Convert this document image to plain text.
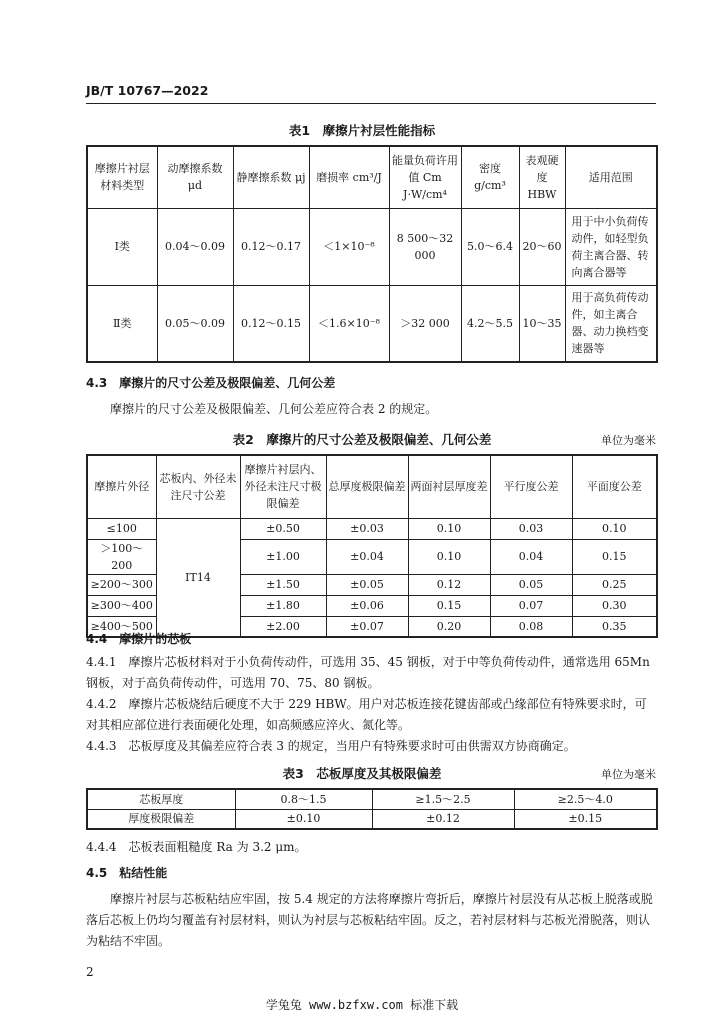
JB/T 10767—2022
表1　摩擦片衬层性能指标
摩擦片衬层材料类型	动摩擦系数 μd	静摩擦系数 μj	磨损率 cm³/J	能量负荷许用值 Cm J·W/cm⁴	密度 g/cm³	表观硬度 HBW	适用范围
Ⅰ类	0.04～0.09	0.12～0.17	＜1×10⁻⁸	8 500～32 000	5.0～6.4	20～60	用于中小负荷传动件，如轻型负荷主离合器、转向离合器等
Ⅱ类	0.05～0.09	0.12～0.15	＜1.6×10⁻⁸	＞32 000	4.2～5.5	10～35	用于高负荷传动件，如主离合器、动力换档变速器等
4.3　摩擦片的尺寸公差及极限偏差、几何公差
摩擦片的尺寸公差及极限偏差、几何公差应符合表 2 的规定。
表2　摩擦片的尺寸公差及极限偏差、几何公差	单位为毫米
摩擦片外径	芯板内、外径未注尺寸公差	摩擦片衬层内、外径未注尺寸极限偏差	总厚度极限偏差	两面衬层厚度差	平行度公差	平面度公差
≤100	IT14	±0.50	±0.03	0.10	0.03	0.10
＞100～200		±1.00	±0.04	0.10	0.04	0.15
≥200～300		±1.50	±0.05	0.12	0.05	0.25
≥300～400		±1.80	±0.06	0.15	0.07	0.30
≥400～500		±2.00	±0.07	0.20	0.08	0.35
4.4　摩擦片的芯板
4.4.1　摩擦片芯板材料对于小负荷传动件，可选用 35、45 钢板，对于中等负荷传动件，通常选用 65Mn 钢板，对于高负荷传动件，可选用 70、75、80 钢板。
4.4.2　摩擦片芯板烧结后硬度不大于 229 HBW。用户对芯板连接花键齿部或凸缘部位有特殊要求时，可对其相应部位进行表面硬化处理，如高频感应淬火、氮化等。
4.4.3　芯板厚度及其偏差应符合表 3 的规定，当用户有特殊要求时可由供需双方协商确定。
表3　芯板厚度及其极限偏差	单位为毫米
芯板厚度	0.8～1.5	≥1.5～2.5	≥2.5～4.0
厚度极限偏差	±0.10	±0.12	±0.15
4.4.4　芯板表面粗糙度 Ra 为 3.2 μm。
4.5　粘结性能
摩擦片衬层与芯板粘结应牢固，按 5.4 规定的方法将摩擦片弯折后，摩擦片衬层没有从芯板上脱落或脱落后芯板上仍均匀覆盖有衬层材料，则认为衬层与芯板粘结牢固。反之，若衬层材料与芯板光滑脱落，则认为粘结不牢固。
2
学兔兔 www.bzfxw.com 标准下载
